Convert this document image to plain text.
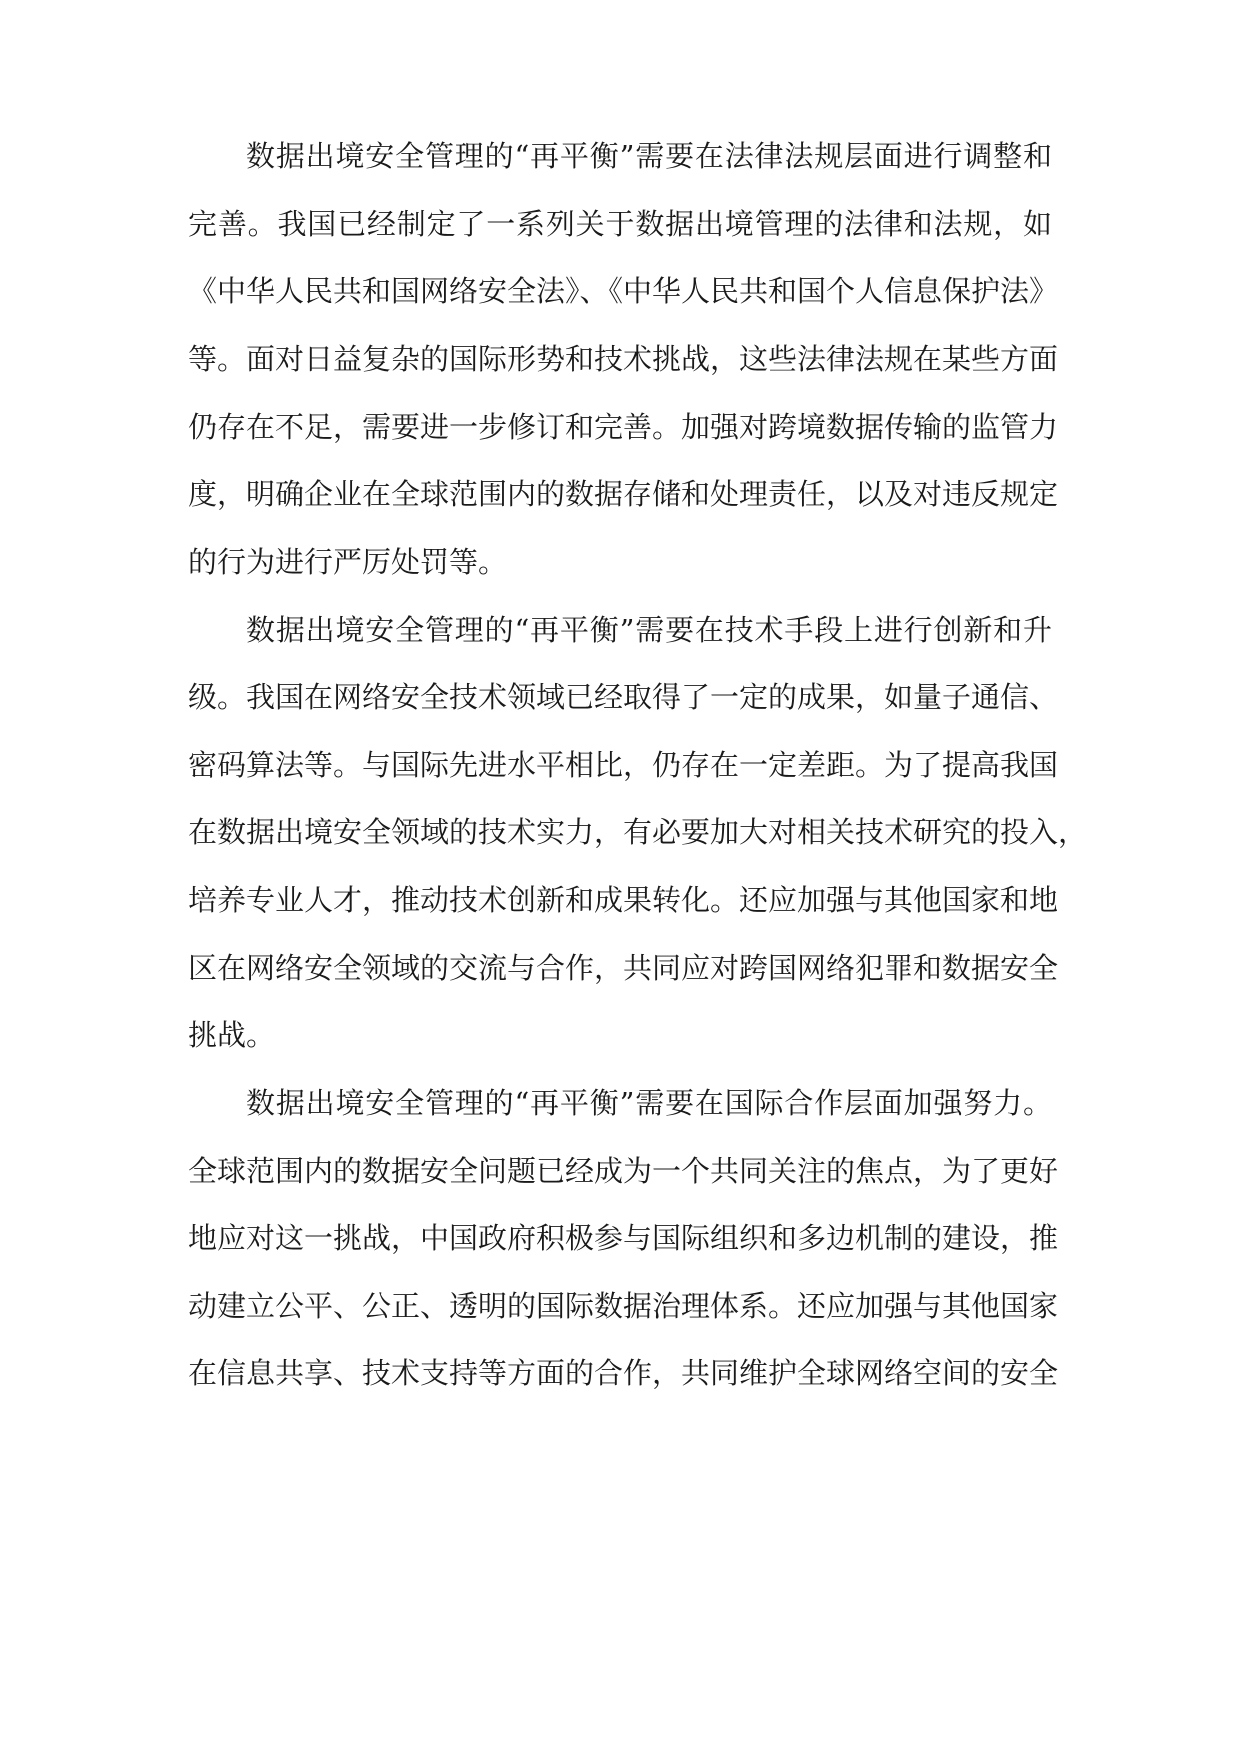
数据出境安全管理的“再平衡”需要在法律法规层面进行调整和

完善。我国已经制定了一系列关于数据出境管理的法律和法规，如

《中华人民共和国网络安全法》、《中华人民共和国个人信息保护法》

等。面对日益复杂的国际形势和技术挑战，这些法律法规在某些方面

仍存在不足，需要进一步修订和完善。加强对跨境数据传输的监管力

度，明确企业在全球范围内的数据存储和处理责任，以及对违反规定

的行为进行严厉处罚等。

数据出境安全管理的“再平衡”需要在技术手段上进行创新和升

级。我国在网络安全技术领域已经取得了一定的成果，如量子通信、

密码算法等。与国际先进水平相比，仍存在一定差距。为了提高我国

在数据出境安全领域的技术实力，有必要加大对相关技术研究的投入，

培养专业人才，推动技术创新和成果转化。还应加强与其他国家和地

区在网络安全领域的交流与合作，共同应对跨国网络犯罪和数据安全

挑战。

数据出境安全管理的“再平衡”需要在国际合作层面加强努力。

全球范围内的数据安全问题已经成为一个共同关注的焦点，为了更好

地应对这一挑战，中国政府积极参与国际组织和多边机制的建设，推

动建立公平、公正、透明的国际数据治理体系。还应加强与其他国家

在信息共享、技术支持等方面的合作，共同维护全球网络空间的安全
